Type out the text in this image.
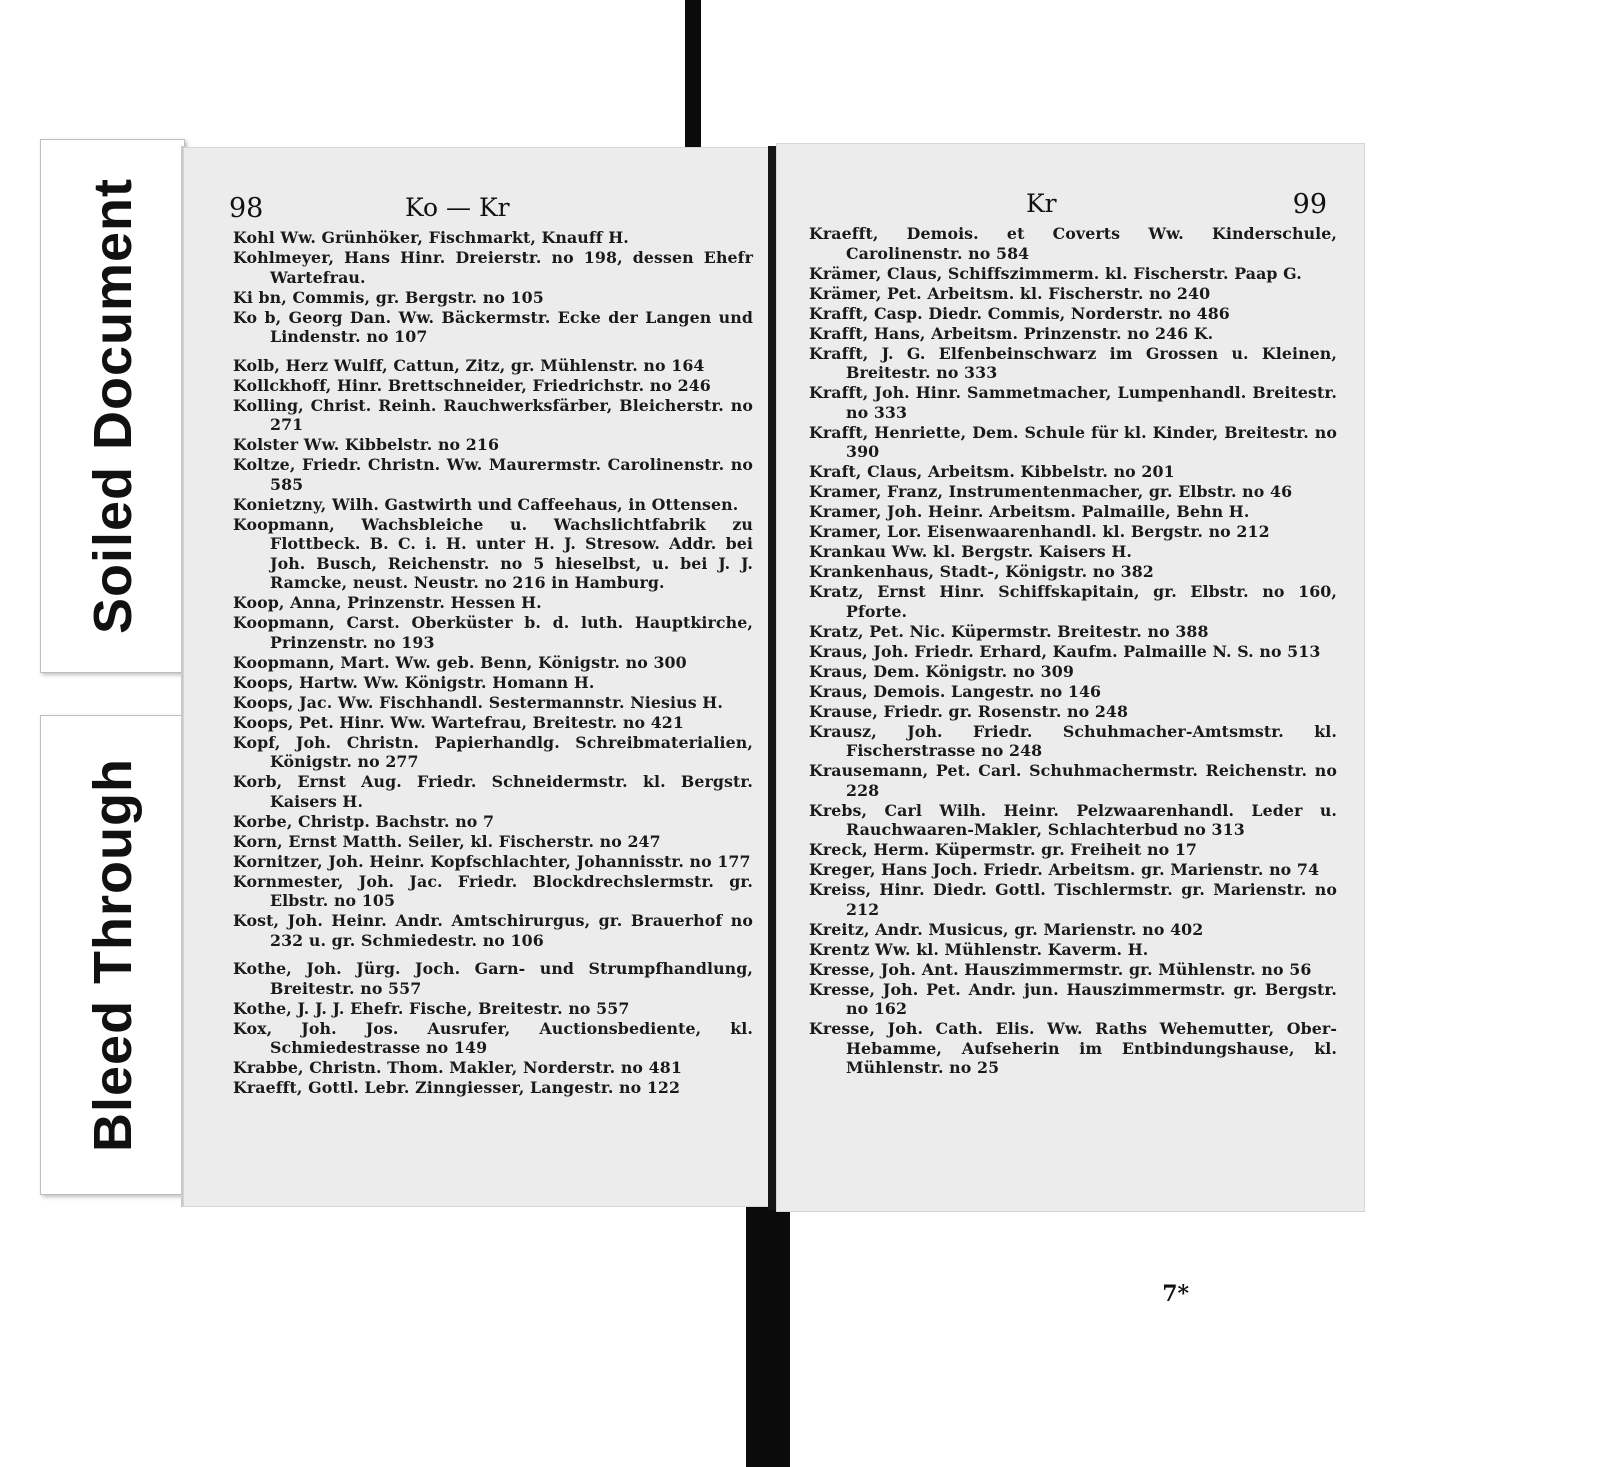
Soiled Document
Bleed Through
98	Ko — Kr
Kohl Ww. Grünhöker, Fischmarkt, Knauff H.
Kohlmeyer, Hans Hinr. Dreierstr. no 198, dessen Ehefr Wartefrau.
Ki bn, Commis, gr. Bergstr. no 105
Ko b, Georg Dan. Ww. Bäckermstr. Ecke der Langen und Lindenstr. no 107
Kolb, Herz Wulff, Cattun, Zitz, gr. Mühlenstr. no 164
Kollckhoff, Hinr. Brettschneider, Friedrichstr. no 246
Kolling, Christ. Reinh. Rauchwerksfärber, Bleicherstr. no 271
Kolster Ww. Kibbelstr. no 216
Koltze, Friedr. Christn. Ww. Maurermstr. Carolinenstr. no 585
Konietzny, Wilh. Gastwirth und Caffeehaus, in Ottensen.
Koopmann, Wachsbleiche u. Wachslichtfabrik zu Flottbeck. B. C. i. H. unter H. J. Stresow. Addr. bei Joh. Busch, Reichenstr. no 5 hieselbst, u. bei J. J. Ramcke, neust. Neustr. no 216 in Hamburg.
Koop, Anna, Prinzenstr. Hessen H.
Koopmann, Carst. Oberküster b. d. luth. Hauptkirche, Prinzenstr. no 193
Koopmann, Mart. Ww. geb. Benn, Königstr. no 300
Koops, Hartw. Ww. Königstr. Homann H.
Koops, Jac. Ww. Fischhandl. Sestermannstr. Niesius H.
Koops, Pet. Hinr. Ww. Wartefrau, Breitestr. no 421
Kopf, Joh. Christn. Papierhandlg. Schreibmaterialien, Königstr. no 277
Korb, Ernst Aug. Friedr. Schneidermstr. kl. Bergstr. Kaisers H.
Korbe, Christp. Bachstr. no 7
Korn, Ernst Matth. Seiler, kl. Fischerstr. no 247
Kornitzer, Joh. Heinr. Kopfschlachter, Johannisstr. no 177
Kornmester, Joh. Jac. Friedr. Blockdrechslermstr. gr. Elbstr. no 105
Kost, Joh. Heinr. Andr. Amtschirurgus, gr. Brauerhof no 232 u. gr. Schmiedestr. no 106
Kothe, Joh. Jürg. Joch. Garn- und Strumpfhandlung, Breitestr. no 557
Kothe, J. J. J. Ehefr. Fische, Breitestr. no 557
Kox, Joh. Jos. Ausrufer, Auctionsbediente, kl. Schmiedestrasse no 149
Krabbe, Christn. Thom. Makler, Norderstr. no 481
Kraefft, Gottl. Lebr. Zinngiesser, Langestr. no 122
Kr	99
Kraefft, Demois. et Coverts Ww. Kinderschule, Carolinenstr. no 584
Krämer, Claus, Schiffszimmerm. kl. Fischerstr. Paap G.
Krämer, Pet. Arbeitsm. kl. Fischerstr. no 240
Krafft, Casp. Diedr. Commis, Norderstr. no 486
Krafft, Hans, Arbeitsm. Prinzenstr. no 246 K.
Krafft, J. G. Elfenbeinschwarz im Grossen u. Kleinen, Breitestr. no 333
Krafft, Joh. Hinr. Sammetmacher, Lumpenhandl. Breitestr. no 333
Krafft, Henriette, Dem. Schule für kl. Kinder, Breitestr. no 390
Kraft, Claus, Arbeitsm. Kibbelstr. no 201
Kramer, Franz, Instrumentenmacher, gr. Elbstr. no 46
Kramer, Joh. Heinr. Arbeitsm. Palmaille, Behn H.
Kramer, Lor. Eisenwaarenhandl. kl. Bergstr. no 212
Krankau Ww. kl. Bergstr. Kaisers H.
Krankenhaus, Stadt-, Königstr. no 382
Kratz, Ernst Hinr. Schiffskapitain, gr. Elbstr. no 160, Pforte.
Kratz, Pet. Nic. Küpermstr. Breitestr. no 388
Kraus, Joh. Friedr. Erhard, Kaufm. Palmaille N. S. no 513
Kraus, Dem. Königstr. no 309
Kraus, Demois. Langestr. no 146
Krause, Friedr. gr. Rosenstr. no 248
Krausz, Joh. Friedr. Schuhmacher-Amtsmstr. kl. Fischerstrasse no 248
Krausemann, Pet. Carl. Schuhmachermstr. Reichenstr. no 228
Krebs, Carl Wilh. Heinr. Pelzwaarenhandl. Leder u. Rauchwaaren-Makler, Schlachterbud no 313
Kreck, Herm. Küpermstr. gr. Freiheit no 17
Kreger, Hans Joch. Friedr. Arbeitsm. gr. Marienstr. no 74
Kreiss, Hinr. Diedr. Gottl. Tischlermstr. gr. Marienstr. no 212
Kreitz, Andr. Musicus, gr. Marienstr. no 402
Krentz Ww. kl. Mühlenstr. Kaverm. H.
Kresse, Joh. Ant. Hauszimmermstr. gr. Mühlenstr. no 56
Kresse, Joh. Pet. Andr. jun. Hauszimmermstr. gr. Bergstr. no 162
Kresse, Joh. Cath. Elis. Ww. Raths Wehemutter, Ober-Hebamme, Aufseherin im Entbindungshause, kl. Mühlenstr. no 25
7*
